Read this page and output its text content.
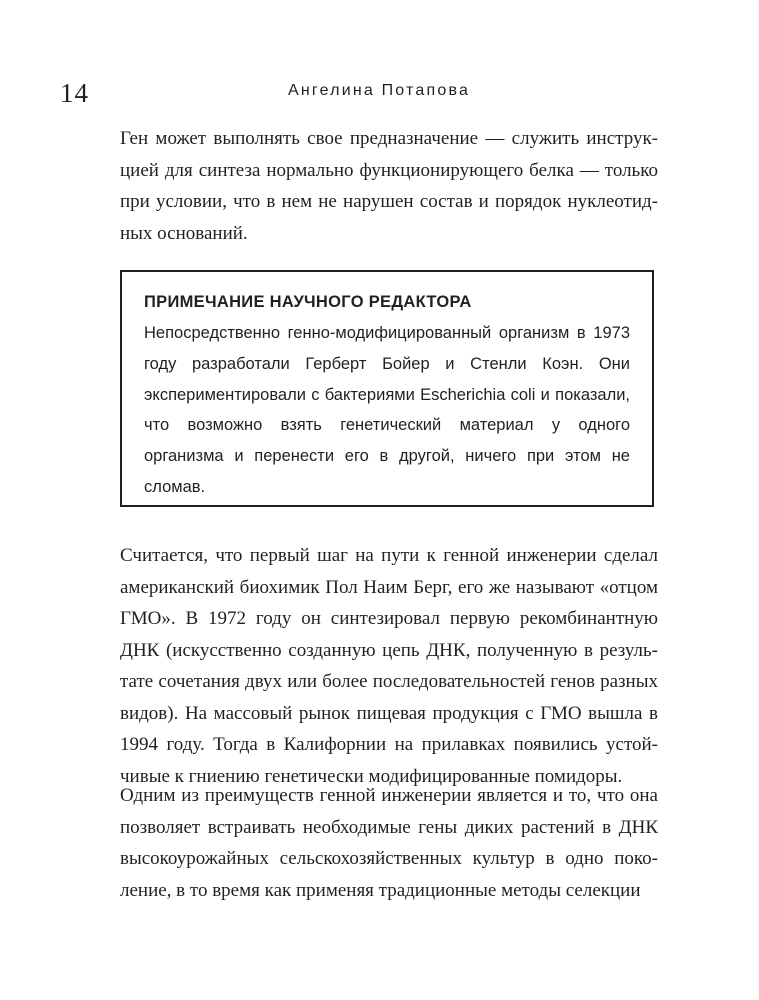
14	Ангелина Потапова

Ген может выполнять свое предназначение — служить инструкцией для синтеза нормально функционирующего белка — только при условии, что в нем не нарушен состав и порядок нуклеотидных оснований.

ПРИМЕЧАНИЕ НАУЧНОГО РЕДАКТОРА

Непосредственно генно-модифицированный организм в 1973 году разработали Герберт Бойер и Стенли Коэн. Они экспериментировали с бактериями Escherichia coli и показали, что возможно взять генетический материал у одного организма и перенести его в другой, ничего при этом не сломав.

Считается, что первый шаг на пути к генной инженерии сделал американский биохимик Пол Наим Берг, его же называют «отцом ГМО». В 1972 году он синтезировал первую рекомбинантную ДНК (искусственно созданную цепь ДНК, полученную в результате сочетания двух или более последовательностей генов разных видов). На массовый рынок пищевая продукция с ГМО вышла в 1994 году. Тогда в Калифорнии на прилавках появились устойчивые к гниению генетически модифицированные помидоры.

Одним из преимуществ генной инженерии является и то, что она позволяет встраивать необходимые гены диких растений в ДНК высокоурожайных сельскохозяйственных культур в одно поколение, в то время как применяя традиционные методы селекции
